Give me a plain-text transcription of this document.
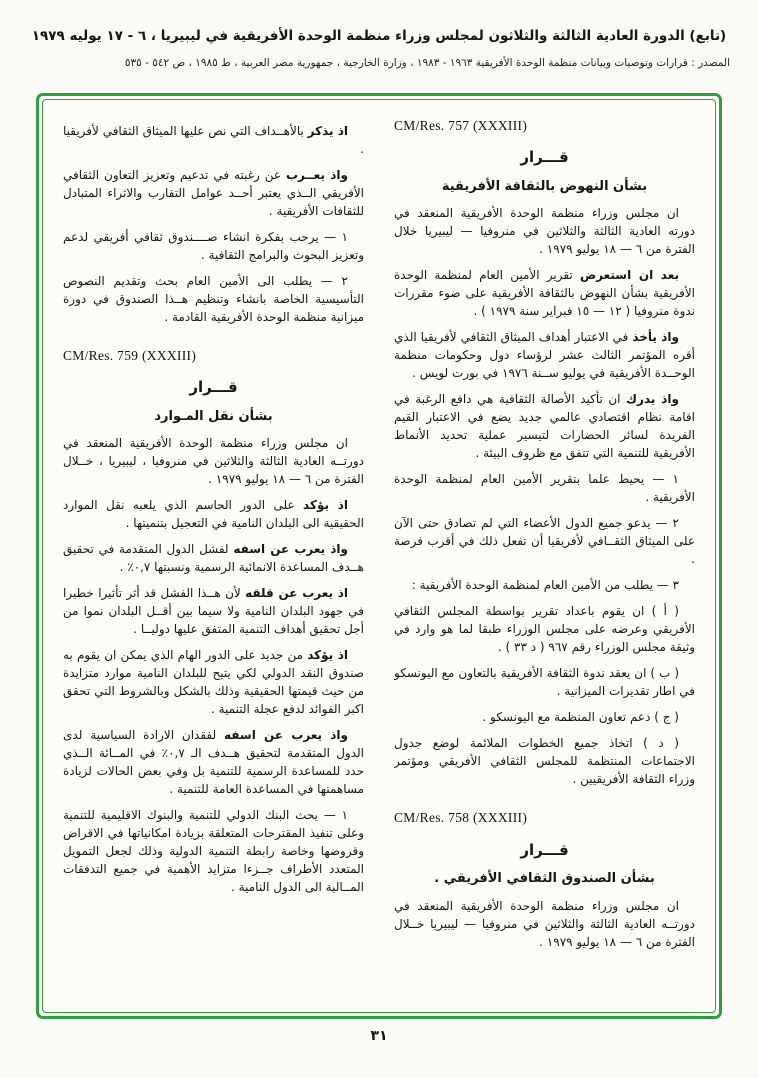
(تابع) الدورة العادية الثالثة والثلاثون لمجلس وزراء منظمة الوحدة الأفريقية في ليبيريا ، ٦ - ١٧ يوليه ١٩٧٩
المصدر : قرارات وتوصيات وبيانات منظمة الوحدة الأفريقية ١٩٦٣ - ١٩٨٣ ، وزارة الخارجية ، جمهورية مصر العربية ، ط ١٩٨٥ ، ص ٥٤٢ - ٥٣٥
CM/Res. 757 (XXXIII)
قـــرار
بشأن النهوض بالثقافة الأفريقية

ان مجلس وزراء منظمة الوحدة الأفريقية المنعقد في دورته العادية الثالثة والثلاثين في منروفيا — ليبيريا خلال الفترة من ٦ — ١٨ يوليو ١٩٧٩ .

بعد ان استعرض تقرير الأمين العام لمنظمة الوحدة الأفريقية بشأن النهوض بالثقافة الأفريقية على ضوء مقررات ندوة منروفيا ( ١٢ — ١٥ فبراير سنة ١٩٧٩ ) .

واذ يأخذ في الاعتبار أهداف الميثاق الثقافي لأفريقيا الذي أقره المؤتمر الثالث عشر لرؤساء دول وحكومات منظمة الوحــدة الأفريقية في يوليو ســنة ١٩٧٦ في بورت لويس .

واذ يدرك ان تأكيد الأصالة الثقافية هي دافع الرغبة في اقامة نظام اقتصادي عالمي جديد يضع في الاعتبار القيم الفريدة لسائر الحضارات لتيسير عملية تحديد الأنماط الأفريقية للتنمية التي تتفق مع ظروف البيئة .

١ — يحيط علما بتقرير الأمين العام لمنظمة الوحدة الأفريقية .

٢ — يدعو جميع الدول الأعضاء التي لم تصادق حتى الآن على الميثاق الثقــافي لأفريقيا أن تفعل ذلك في أقرب فرصة .

٣ — يطلب من الأمين العام لمنظمة الوحدة الأفريقية :

( أ ) ان يقوم باعداد تقرير بواسطة المجلس الثقافي الأفريقي وعرضه على مجلس الوزراء طبقا لما هو وارد في وثيقة مجلس الوزراء رقم ٩٦٧ ( د ٣٣ ) .

( ب ) ان يعقد ندوة الثقافة الأفريقية بالتعاون مع اليونسكو في اطار تقديرات الميزانية .

( ج ) دعم تعاون المنظمة مع اليونسكو .

( د ) اتخاذ جميع الخطوات الملائمة لوضع جدول الاجتماعات المنتظمة للمجلس الثقافي الأفريقي ومؤتمر وزراء الثقافة الأفريقيين .

CM/Res. 758 (XXXIII)
قـــرار
بشأن الصندوق الثقافي الأفريقي .

ان مجلس وزراء منظمة الوحدة الأفريقية المنعقد في دورتــه العادية الثالثة والثلاثين في منروفيا — ليبيريا خــلال الفترة من ٦ — ١٨ يوليو ١٩٧٩ .

اذ يذكر بالأهــداف التي نص عليها الميثاق الثقافي لأفريقيا .

واذ يعــرب عن رغبته في تدعيم وتعزيز التعاون الثقافي الأفريقي الــذي يعتبر أحــد عوامل التقارب والاثراء المتبادل للثقافات الأفريقية .

١ — يرحب بفكرة انشاء صــــندوق ثقافي أفريقي لدعم وتعزيز البحوث والبرامج الثقافية .

٢ — يطلب الى الأمين العام بحث وتقديم النصوص التأسيسية الخاصة بانشاء وتنظيم هــذا الصندوق في دورة ميزانية منظمة الوحدة الأفريقية القادمة .

CM/Res. 759 (XXXIII)
قـــرار
بشأن نقل المـوارد

ان مجلس وزراء منظمة الوحدة الأفريقية المنعقد في دورتــه العادية الثالثة والثلاثين في منروفيا ، ليبيريا ، خــلال الفترة من ٦ — ١٨ يوليو ١٩٧٩ .

اذ يؤكد على الدور الحاسم الذي يلعبه نقل الموارد الحقيقية الى البلدان النامية في التعجيل بتنميتها .

واذ يعرب عن اسفه لفشل الدول المتقدمة في تحقيق هــدف المساعدة الانمائية الرسمية ونسبتها ٠,٧٪ .

اذ يعرب عن قلقه لأن هــذا الفشل قد أثر تأثيرا خطيرا في جهود البلدان النامية ولا سيما بين أقــل البلدان نموا من أجل تحقيق أهداف التنمية المتفق عليها دوليــا .

اذ يؤكد من جديد على الدور الهام الذي يمكن ان يقوم به صندوق النقد الدولي لكي يتيح للبلدان النامية موارد متزايدة من حيث قيمتها الحقيقية وذلك بالشكل وبالشروط التي تحقق اكبر الفوائد لدفع عجلة التنمية .

واذ يعرب عن اسفه لفقدان الارادة السياسية لدى الدول المتقدمة لتحقيق هــدف الـ ٠,٧٪ في المــائة الــذي حدد للمساعدة الرسمية للتنمية بل وفي بعض الحالات لزيادة مساهمتها في المساعدة العامة للتنمية .

١ — يحث البنك الدولي للتنمية والبنوك الاقليمية للتنمية وعلى تنفيذ المقترحات المتعلقة بزيادة امكانياتها في الاقراض وقروضها وخاصة رابطة التنمية الدولية وذلك لجعل التمويل المتعدد الأطراف جــزءا متزايد الأهمية في جميع التدفقات المــالية الى الدول النامية .

٣١
